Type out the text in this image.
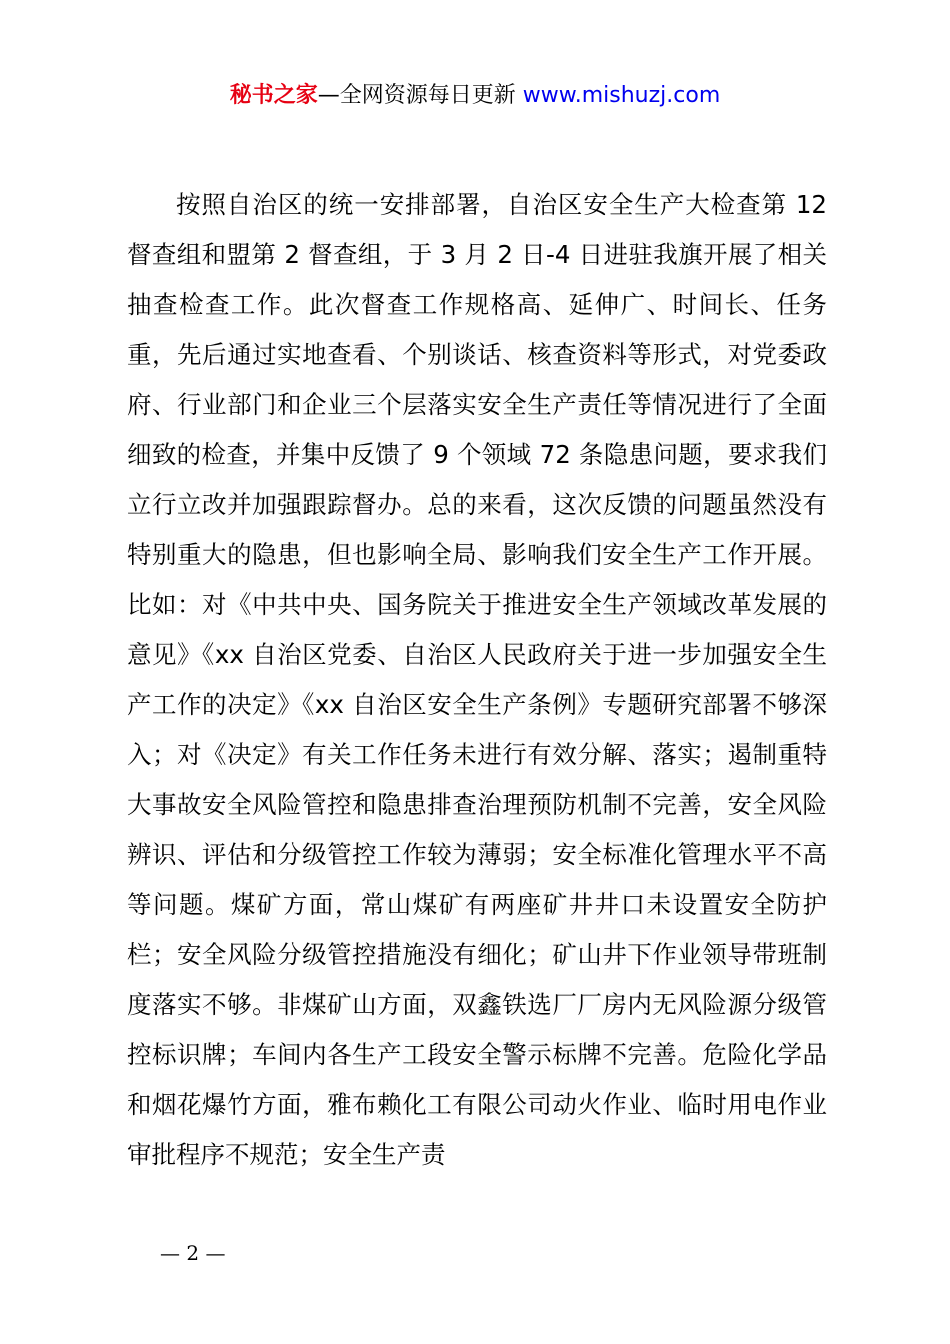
秘书之家—全网资源每日更新 www.mishuzj.com

按照自治区的统一安排部署，自治区安全生产大检查第 12 督查组和盟第 2 督查组，于 3 月 2 日-4 日进驻我旗开展了相关抽查检查工作。此次督查工作规格高、延伸广、时间长、任务重，先后通过实地查看、个别谈话、核查资料等形式，对党委政府、行业部门和企业三个层落实安全生产责任等情况进行了全面细致的检查，并集中反馈了 9 个领域 72 条隐患问题，要求我们立行立改并加强跟踪督办。总的来看，这次反馈的问题虽然没有特别重大的隐患，但也影响全局、影响我们安全生产工作开展。比如：对《中共中央、国务院关于推进安全生产领域改革发展的意见》《xx 自治区党委、自治区人民政府关于进一步加强安全生产工作的决定》《xx 自治区安全生产条例》专题研究部署不够深入；对《决定》有关工作任务未进行有效分解、落实；遏制重特大事故安全风险管控和隐患排查治理预防机制不完善，安全风险辨识、评估和分级管控工作较为薄弱；安全标准化管理水平不高等问题。煤矿方面，常山煤矿有两座矿井井口未设置安全防护栏；安全风险分级管控措施没有细化；矿山井下作业领导带班制度落实不够。非煤矿山方面，双鑫铁选厂厂房内无风险源分级管控标识牌；车间内各生产工段安全警示标牌不完善。危险化学品和烟花爆竹方面，雅布赖化工有限公司动火作业、临时用电作业审批程序不规范；安全生产责

— 2 —
